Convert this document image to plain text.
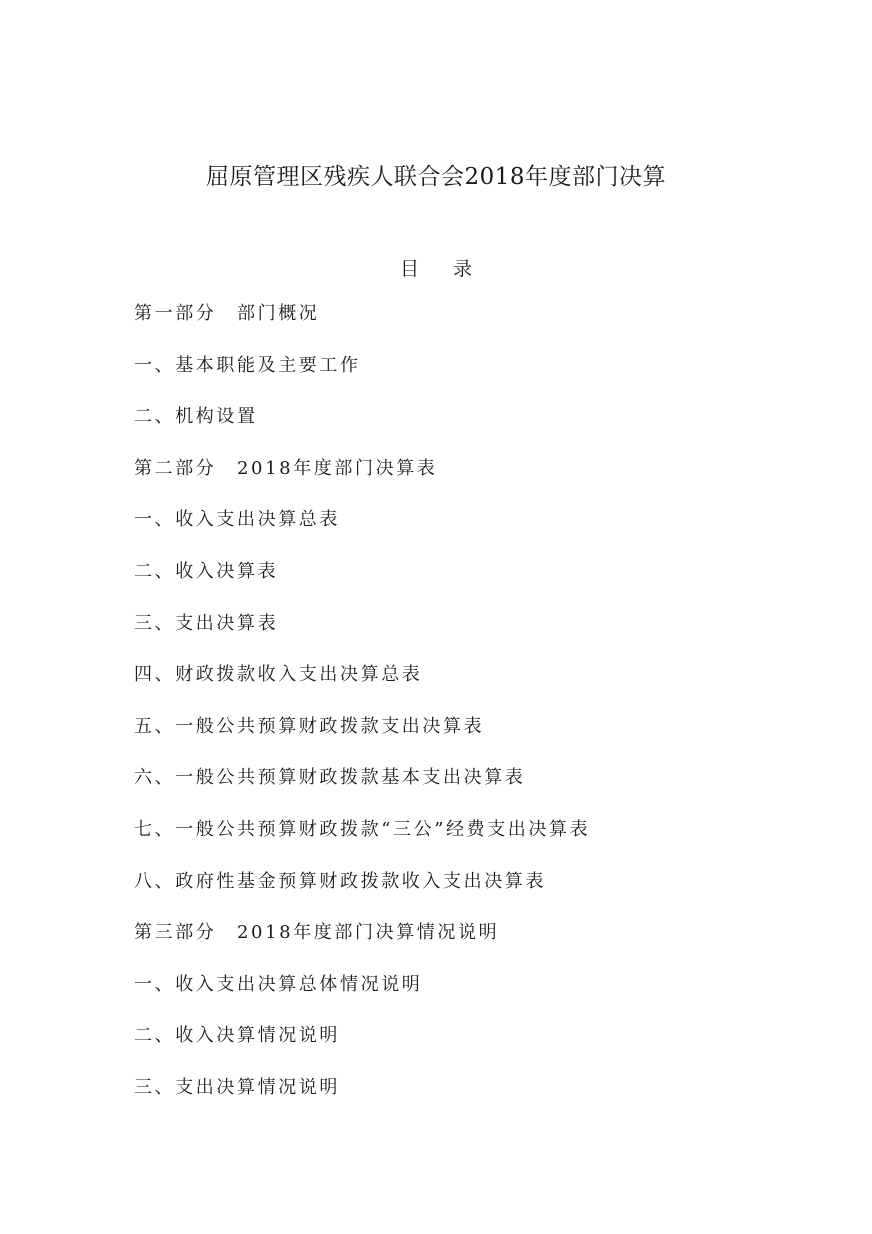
屈原管理区残疾人联合会2018年度部门决算
目录
第一部分　部门概况
一、基本职能及主要工作
二、机构设置
第二部分　2018年度部门决算表
一、收入支出决算总表
二、收入决算表
三、支出决算表
四、财政拨款收入支出决算总表
五、一般公共预算财政拨款支出决算表
六、一般公共预算财政拨款基本支出决算表
七、一般公共预算财政拨款“三公”经费支出决算表
八、政府性基金预算财政拨款收入支出决算表
第三部分　2018年度部门决算情况说明
一、收入支出决算总体情况说明
二、收入决算情况说明
三、支出决算情况说明
